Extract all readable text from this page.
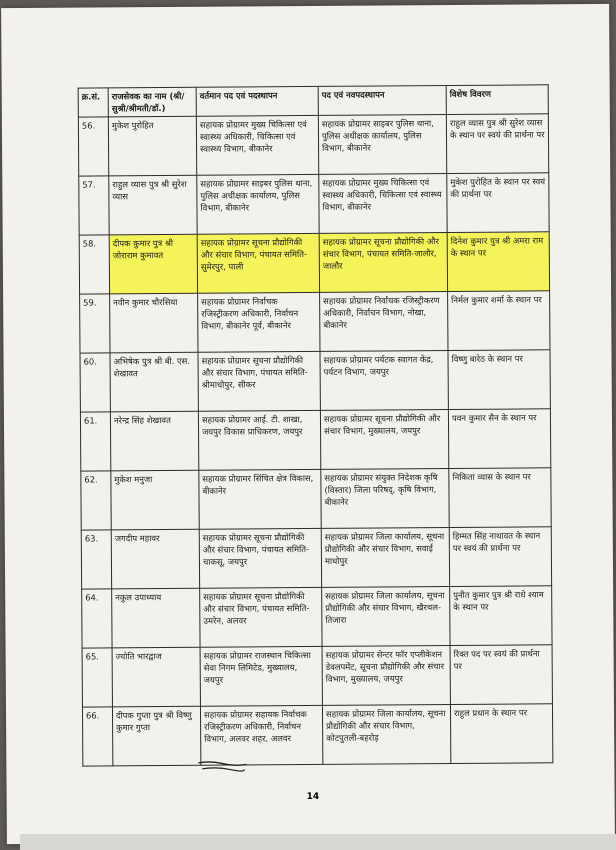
क्र.सं.	राजसेवक का नाम (श्री/सुश्री/श्रीमती/डॉ.)	वर्तमान पद एवं पदस्थापन	पद एवं नवपदस्थापन	विशेष विवरण
56.	मुकेश पुरोहित	सहायक प्रोग्रामर मुख्य चिकित्सा एवं स्वास्थ्य अधिकारी, चिकित्सा एवं स्वास्थ्य विभाग, बीकानेर	सहायक प्रोग्रामर साइबर पुलिस थाना, पुलिस अधीक्षक कार्यालय, पुलिस विभाग, बीकानेर	राहुल व्यास पुत्र श्री सुरेश व्यास के स्थान पर स्वयं की प्रार्थना पर
57.	राहुल व्यास पुत्र श्री सुरेश व्यास	सहायक प्रोग्रामर साइबर पुलिस थाना, पुलिस अधीक्षक कार्यालय, पुलिस विभाग, बीकानेर	सहायक प्रोग्रामर मुख्य चिकित्सा एवं स्वास्थ्य अधिकारी, चिकित्सा एवं स्वास्थ्य विभाग, बीकानेर	मुकेश पुरोहित के स्थान पर स्वयं की प्रार्थना पर
58.	दीपक कुमार पुत्र श्री जोराराम कुमावत	सहायक प्रोग्रामर सूचना प्रौद्योगिकी और संचार विभाग, पंचायत समिति-सुमेरपुर, पाली	सहायक प्रोग्रामर सूचना प्रौद्योगिकी और संचार विभाग, पंचायत समिति-जालौर, जालौर	दिनेश कुमार पुत्र श्री अमरा राम के स्थान पर
59.	नवीन कुमार चौरसिया	सहायक प्रोग्रामर निर्वाचक रजिस्ट्रीकरण अधिकारी, निर्वाचन विभाग, बीकानेर पूर्व, बीकानेर	सहायक प्रोग्रामर निर्वाचक रजिस्ट्रीकरण अधिकारी, निर्वाचन विभाग, नोखा, बीकानेर	निर्मल कुमार शर्मा के स्थान पर
60.	अभिषेक पुत्र श्री बी. एस. शेखावत	सहायक प्रोग्रामर सूचना प्रौद्योगिकी और संचार विभाग, पंचायत समिति-श्रीमाधोपुर, सीकर	सहायक प्रोग्रामर पर्यटक स्वागत केंद्र, पर्यटन विभाग, जयपुर	विष्णु बारेठ के स्थान पर
61.	नरेन्द्र सिंह शेखावत	सहायक प्रोग्रामर आई. टी. शाखा, जयपुर विकास प्राधिकरण, जयपुर	सहायक प्रोग्रामर सूचना प्रौद्योगिकी और संचार विभाग, मुख्यालय, जयपुर	पवन कुमार सैन के स्थान पर
62.	मुकेश मनुजा	सहायक प्रोग्रामर सिंचित क्षेत्र विकास, बीकानेर	सहायक प्रोग्रामर संयुक्त निदेशक कृषि (विस्तार) जिला परिषद्, कृषि विभाग, बीकानेर	निकिता व्यास के स्थान पर
63.	जगदीप महावर	सहायक प्रोग्रामर सूचना प्रौद्योगिकी और संचार विभाग, पंचायत समिति-चाकसू, जयपुर	सहायक प्रोग्रामर जिला कार्यालय, सूचना प्रौद्योगिकी और संचार विभाग, सवाई माधोपुर	हिम्मत सिंह नाथावत के स्थान पर स्वयं की प्रार्थना पर
64.	नकुल उपाध्याय	सहायक प्रोग्रामर सूचना प्रौद्योगिकी और संचार विभाग, पंचायत समिति-उमरेन, अलवर	सहायक प्रोग्रामर जिला कार्यालय, सूचना प्रौद्योगिकी और संचार विभाग, खैरथल-तिजारा	पुनीत कुमार पुत्र श्री राधे श्याम के स्थान पर
65.	ज्योति भारद्वाज	सहायक प्रोग्रामर राजस्थान चिकित्सा सेवा निगम लिमिटेड, मुख्यालय, जयपुर	सहायक प्रोग्रामर सेन्टर फॉर एप्लीकेशन डेवलपमेंट, सूचना प्रौद्योगिकी और संचार विभाग, मुख्यालय, जयपुर	रिक्त पद पर स्वयं की प्रार्थना पर
66.	दीपक गुप्ता पुत्र श्री विष्णु कुमार गुप्ता	सहायक प्रोग्रामर सहायक निर्वाचक रजिस्ट्रीकरण अधिकारी, निर्वाचन विभाग, अलवर शहर, अलवर	सहायक प्रोग्रामर जिला कार्यालय, सूचना प्रौद्योगिकी और संचार विभाग, कोटपुतली-बहरोड़	राहुल प्रधान के स्थान पर
14
